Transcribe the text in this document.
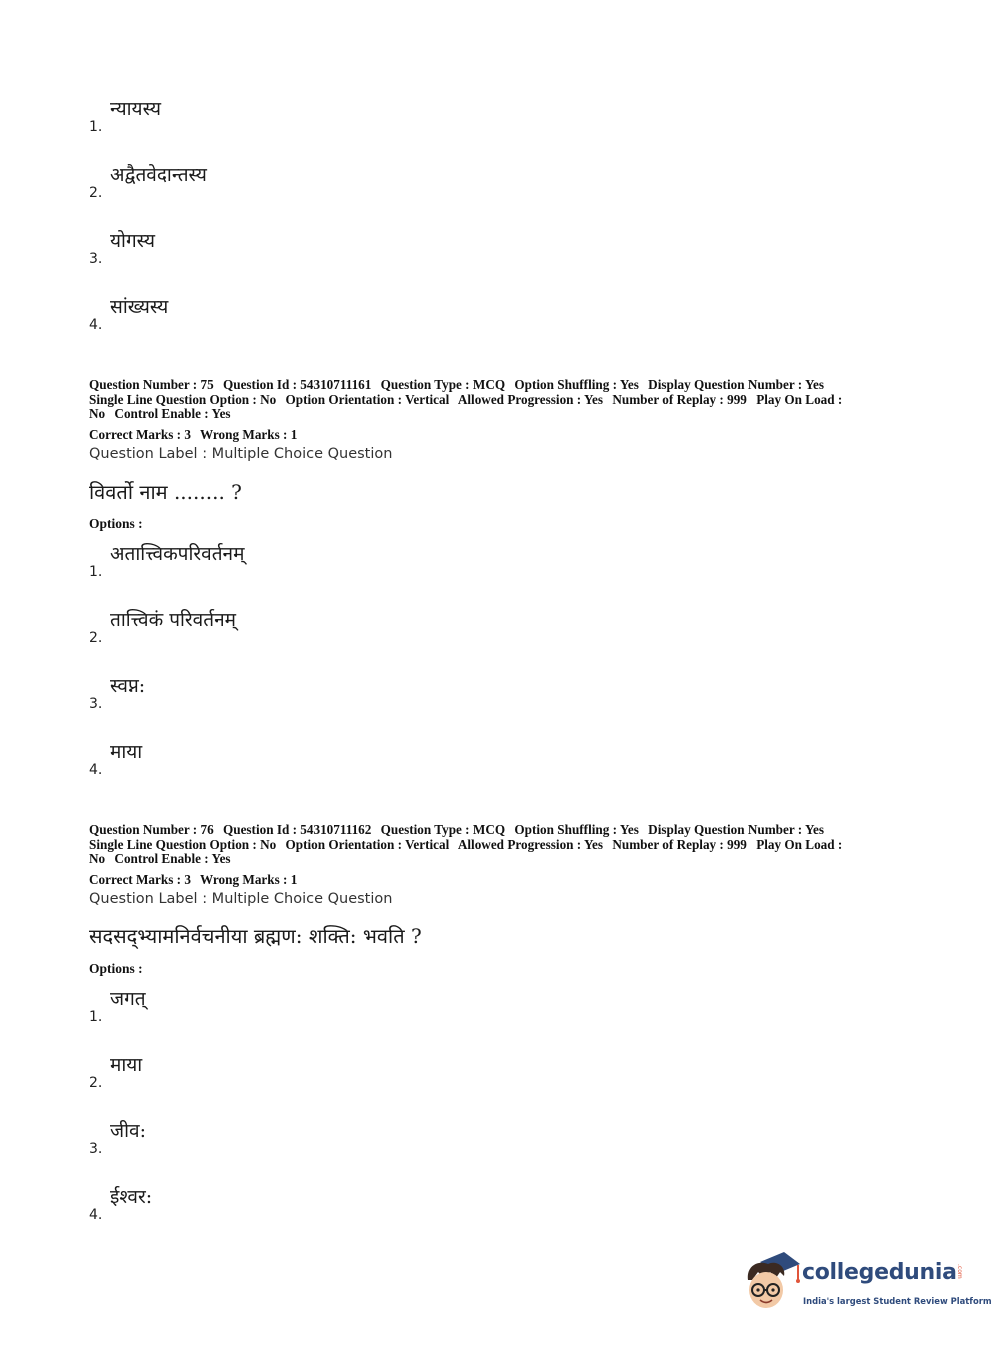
न्यायस्य
1.
अद्वैतवेदान्तस्य
2.
योगस्य
3.
सांख्यस्य
4.
Question Number : 75 Question Id : 54310711161 Question Type : MCQ Option Shuffling : Yes Display Question Number : Yes
Single Line Question Option : No Option Orientation : Vertical Allowed Progression : Yes Number of Replay : 999 Play On Load :
No Control Enable : Yes
Correct Marks : 3 Wrong Marks : 1
Question Label : Multiple Choice Question
विवर्तो नाम ........ ?
Options :
अतात्त्विकपरिवर्तनम्
1.
तात्त्विकं परिवर्तनम्
2.
स्वप्न:
3.
माया
4.
Question Number : 76 Question Id : 54310711162 Question Type : MCQ Option Shuffling : Yes Display Question Number : Yes
Single Line Question Option : No Option Orientation : Vertical Allowed Progression : Yes Number of Replay : 999 Play On Load :
No Control Enable : Yes
Correct Marks : 3 Wrong Marks : 1
Question Label : Multiple Choice Question
सदसद्भ्यामनिर्वचनीया ब्रह्मण: शक्ति: भवति ?
Options :
जगत्
1.
माया
2.
जीव:
3.
ईश्वर:
4.
collegedunia .com
India's largest Student Review Platform
